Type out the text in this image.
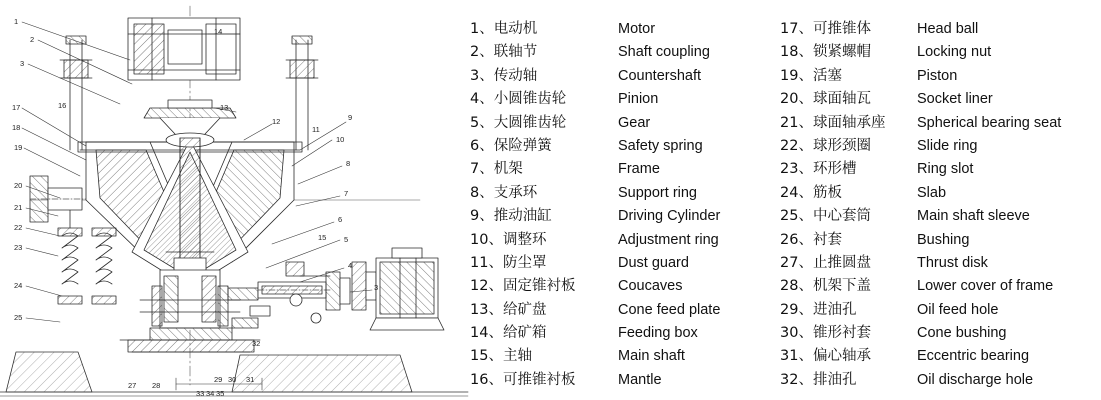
1
2
3
17
18
19
20
21
22
23
24
25
16
14
13
12
11
9
10
8
7
6
5
4
3
15
32
27 28
29 30 31
33 34 35
1、电动机	Motor
2、联轴节	Shaft coupling
3、传动轴	Countershaft
4、小圆锥齿轮	Pinion
5、大圆锥齿轮	Gear
6、保险弹簧	Safety spring
7、机架	Frame
8、支承环	Support ring
9、推动油缸	Driving Cylinder
10、调整环	Adjustment ring
11、防尘罩	Dust guard
12、固定锥衬板	Coucaves
13、给矿盘	Cone feed plate
14、给矿箱	Feeding box
15、主轴	Main shaft
16、可推锥衬板	Mantle
17、可推锥体	Head ball
18、锁紧螺帽	Locking nut
19、活塞	Piston
20、球面轴瓦	Socket liner
21、球面轴承座	Spherical bearing seat
22、球形颈圈	Slide ring
23、环形槽	Ring slot
24、筋板	Slab
25、中心套筒	Main shaft sleeve
26、衬套	Bushing
27、止推圆盘	Thrust disk
28、机架下盖	Lower cover of frame
29、进油孔	Oil feed hole
30、锥形衬套	Cone bushing
31、偏心轴承	Eccentric bearing
32、排油孔	Oil discharge hole
